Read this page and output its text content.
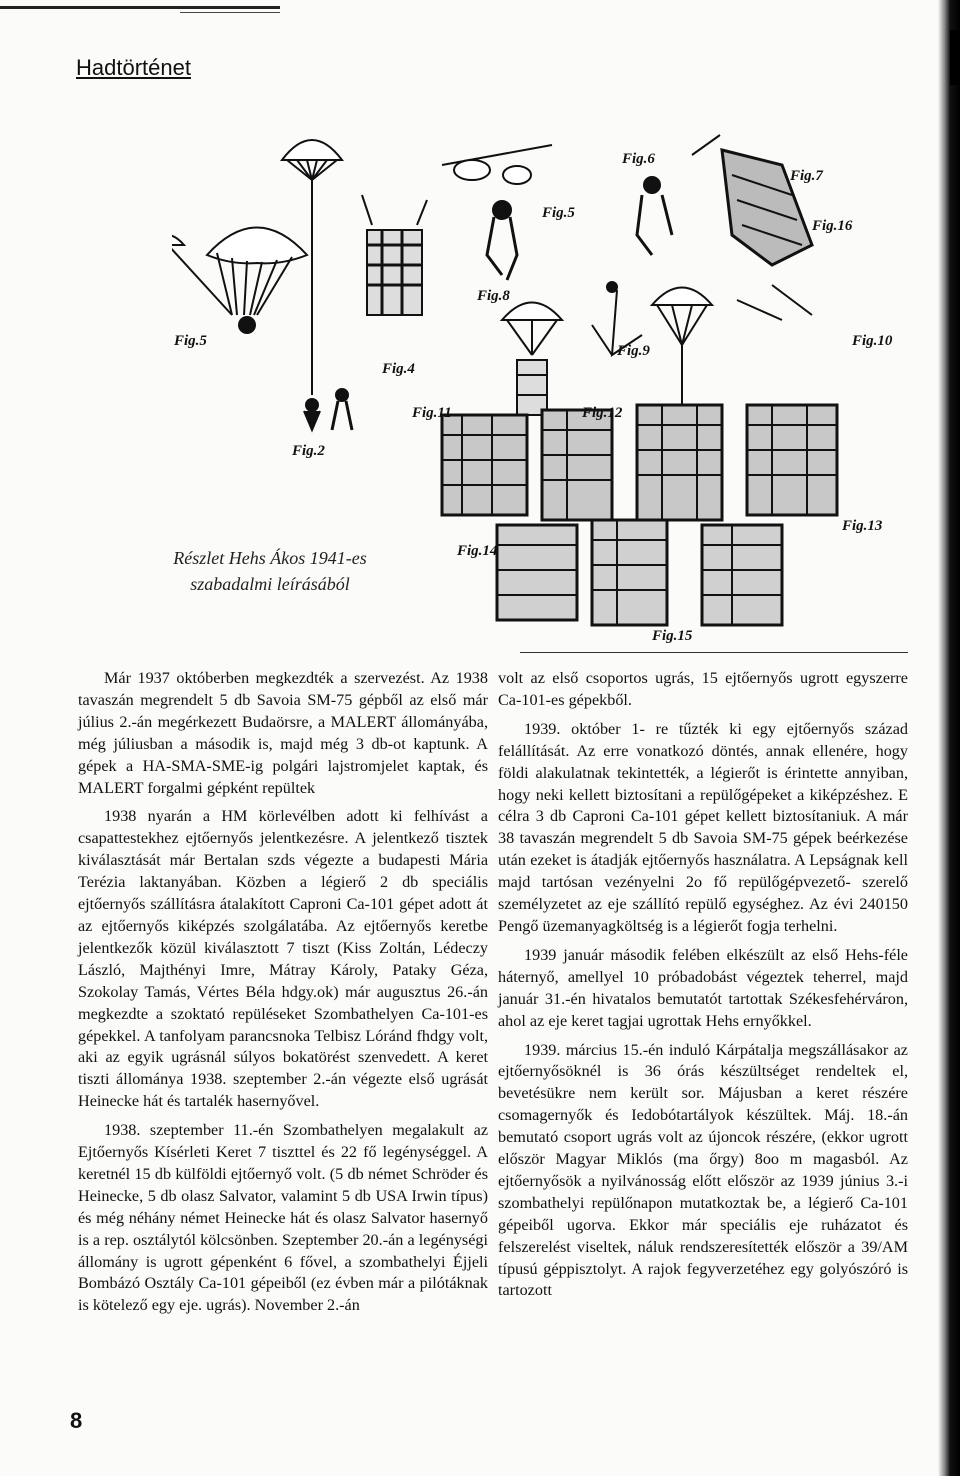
Hadtörténet
Fig.5
Fig.2
Fig.4
Fig.5
Fig.6
Fig.7
Fig.8
Fig.9
Fig.10
Fig.11	Fig.12
Fig.13
Fig.14
Fig.15
Fig.16
Részlet Hehs Ákos 1941-es
szabadalmi leírásából

Már 1937 októberben megkezdték a szervezést. Az 1938 tavaszán megrendelt 5 db Savoia SM-75 gépből az első már július 2.-án megérkezett Budaörsre, a MALERT állományába, még júliusban a második is, majd még 3 db-ot kaptunk. A gépek a HA-SMA-SME-ig polgári lajstromjelet kaptak, és MALERT forgalmi gépként repültek

1938 nyarán a HM körlevélben adott ki felhívást a csapattestekhez ejtőernyős jelentkezésre. A jelentkező tisztek kiválasztását már Bertalan szds végezte a budapesti Mária Terézia laktanyában. Közben a légierő 2 db speciális ejtőernyős szállításra átalakított Caproni Ca-101 gépet adott át az ejtőernyős kiképzés szolgálatába. Az ejtőernyős keretbe jelentkezők közül kiválasztott 7 tiszt (Kiss Zoltán, Lédeczy László, Majthényi Imre, Mátray Károly, Pataky Géza, Szokolay Tamás, Vértes Béla hdgy.ok) már augusztus 26.-án megkezdte a szoktató repüléseket Szombathelyen Ca-101-es gépekkel. A tanfolyam parancsnoka Telbisz Lóránd fhdgy volt, aki az egyik ugrásnál súlyos bokatörést szenvedett. A keret tiszti állománya 1938. szeptember 2.-án végezte első ugrását Heinecke hát és tartalék hasernyővel.

1938. szeptember 11.-én Szombathelyen megalakult az Ejtőernyős Kísérleti Keret 7 tiszttel és 22 fő legénységgel. A keretnél 15 db külföldi ejtőernyő volt. (5 db német Schröder és Heinecke, 5 db olasz Salvator, valamint 5 db USA Irwin típus) és még néhány német Heinecke hát és olasz Salvator hasernyő is a rep. osztálytól kölcsönben. Szeptember 20.-án a legénységi állomány is ugrott gépenként 6 fővel, a szombathelyi Éjjeli Bombázó Osztály Ca-101 gépeiből (ez évben már a pilótáknak is kötelező egy eje. ugrás). November 2.-án

volt az első csoportos ugrás, 15 ejtőernyős ugrott egyszerre Ca-101-es gépekből.

1939. október 1- re tűzték ki egy ejtőernyős század felállítását. Az erre vonatkozó döntés, annak ellenére, hogy földi alakulatnak tekintették, a légierőt is érintette annyiban, hogy neki kellett biztosítani a repülőgépeket a kiképzéshez. E célra 3 db Caproni Ca-101 gépet kellett biztosítaniuk. A már 38 tavaszán megrendelt 5 db Savoia SM-75 gépek beérkezése után ezeket is átadják ejtőernyős használatra. A Lepságnak kell majd tartósan vezényelni 2o fő repülőgépvezető- szerelő személyzetet az eje szállító repülő egységhez. Az évi 240150 Pengő üzemanyagköltség is a légierőt fogja terhelni.

1939 január második felében elkészült az első Hehs-féle háternyő, amellyel 10 próbadobást végeztek teherrel, majd január 31.-én hivatalos bemutatót tartottak Székesfehérváron, ahol az eje keret tagjai ugrottak Hehs ernyőkkel.

1939. március 15.-én induló Kárpátalja megszállásakor az ejtőernyősöknél is 36 órás készültséget rendeltek el, bevetésükre nem került sor. Májusban a keret részére csomagernyők és Iedobótartályok készültek. Máj. 18.-án bemutató csoport ugrás volt az újoncok részére, (ekkor ugrott először Magyar Miklós (ma őrgy) 8oo m magasból. Az ejtőernyősök a nyilvánosság előtt először az 1939 június 3.-i szombathelyi repülőnapon mutatkoztak be, a légierő Ca-101 gépeiből ugorva. Ekkor már speciális eje ruházatot és felszerelést viseltek, náluk rendszeresítették először a 39/AM típusú géppisztolyt. A rajok fegyverzetéhez egy golyószóró is tartozott

8
